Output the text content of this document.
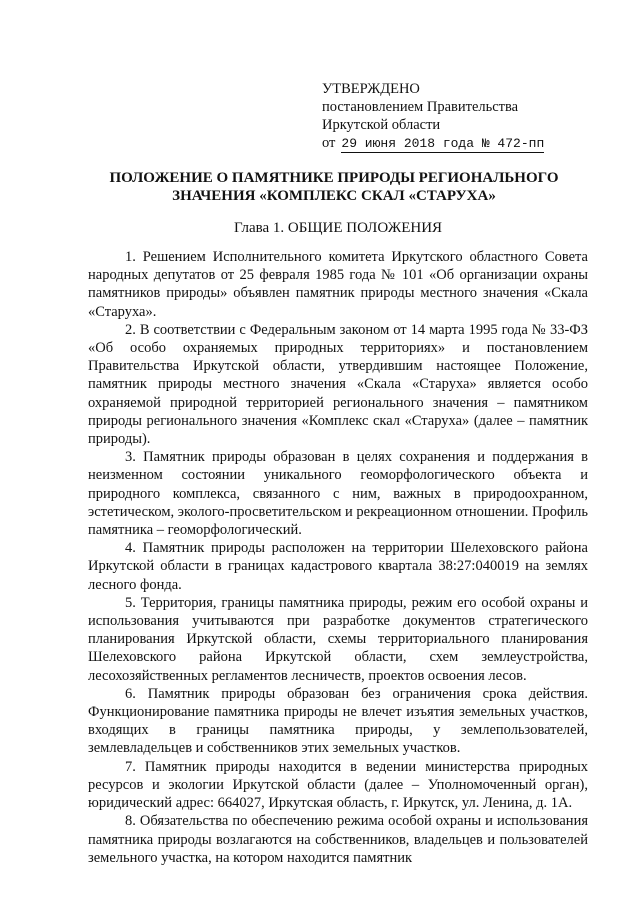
УТВЕРЖДЕНО
постановлением Правительства
Иркутской области
от 29 июня 2018 года № 472-пп
ПОЛОЖЕНИЕ О ПАМЯТНИКЕ ПРИРОДЫ РЕГИОНАЛЬНОГО ЗНАЧЕНИЯ «КОМПЛЕКС СКАЛ «СТАРУХА»
Глава 1. ОБЩИЕ ПОЛОЖЕНИЯ

1. Решением Исполнительного комитета Иркутского областного Совета народных депутатов от 25 февраля 1985 года № 101 «Об организации охраны памятников природы» объявлен памятник природы местного значения «Скала «Старуха».

2. В соответствии с Федеральным законом от 14 марта 1995 года № 33-ФЗ «Об особо охраняемых природных территориях» и постановлением Правительства Иркутской области, утвердившим настоящее Положение, памятник природы местного значения «Скала «Старуха» является особо охраняемой природной территорией регионального значения – памятником природы регионального значения «Комплекс скал «Старуха» (далее – памятник природы).

3. Памятник природы образован в целях сохранения и поддержания в неизменном состоянии уникального геоморфологического объекта и природного комплекса, связанного с ним, важных в природоохранном, эстетическом, эколого-просветительском и рекреационном отношении. Профиль памятника – геоморфологический.

4. Памятник природы расположен на территории Шелеховского района Иркутской области в границах кадастрового квартала 38:27:040019 на землях лесного фонда.

5. Территория, границы памятника природы, режим его особой охраны и использования учитываются при разработке документов стратегического планирования Иркутской области, схемы территориального планирования Шелеховского района Иркутской области, схем землеустройства, лесохозяйственных регламентов лесничеств, проектов освоения лесов.

6. Памятник природы образован без ограничения срока действия. Функционирование памятника природы не влечет изъятия земельных участков, входящих в границы памятника природы, у землепользователей, землевладельцев и собственников этих земельных участков.

7. Памятник природы находится в ведении министерства природных ресурсов и экологии Иркутской области (далее – Уполномоченный орган), юридический адрес: 664027, Иркутская область, г. Иркутск, ул. Ленина, д. 1А.

8. Обязательства по обеспечению режима особой охраны и использования памятника природы возлагаются на собственников, владельцев и пользователей земельного участка, на котором находится памятник
